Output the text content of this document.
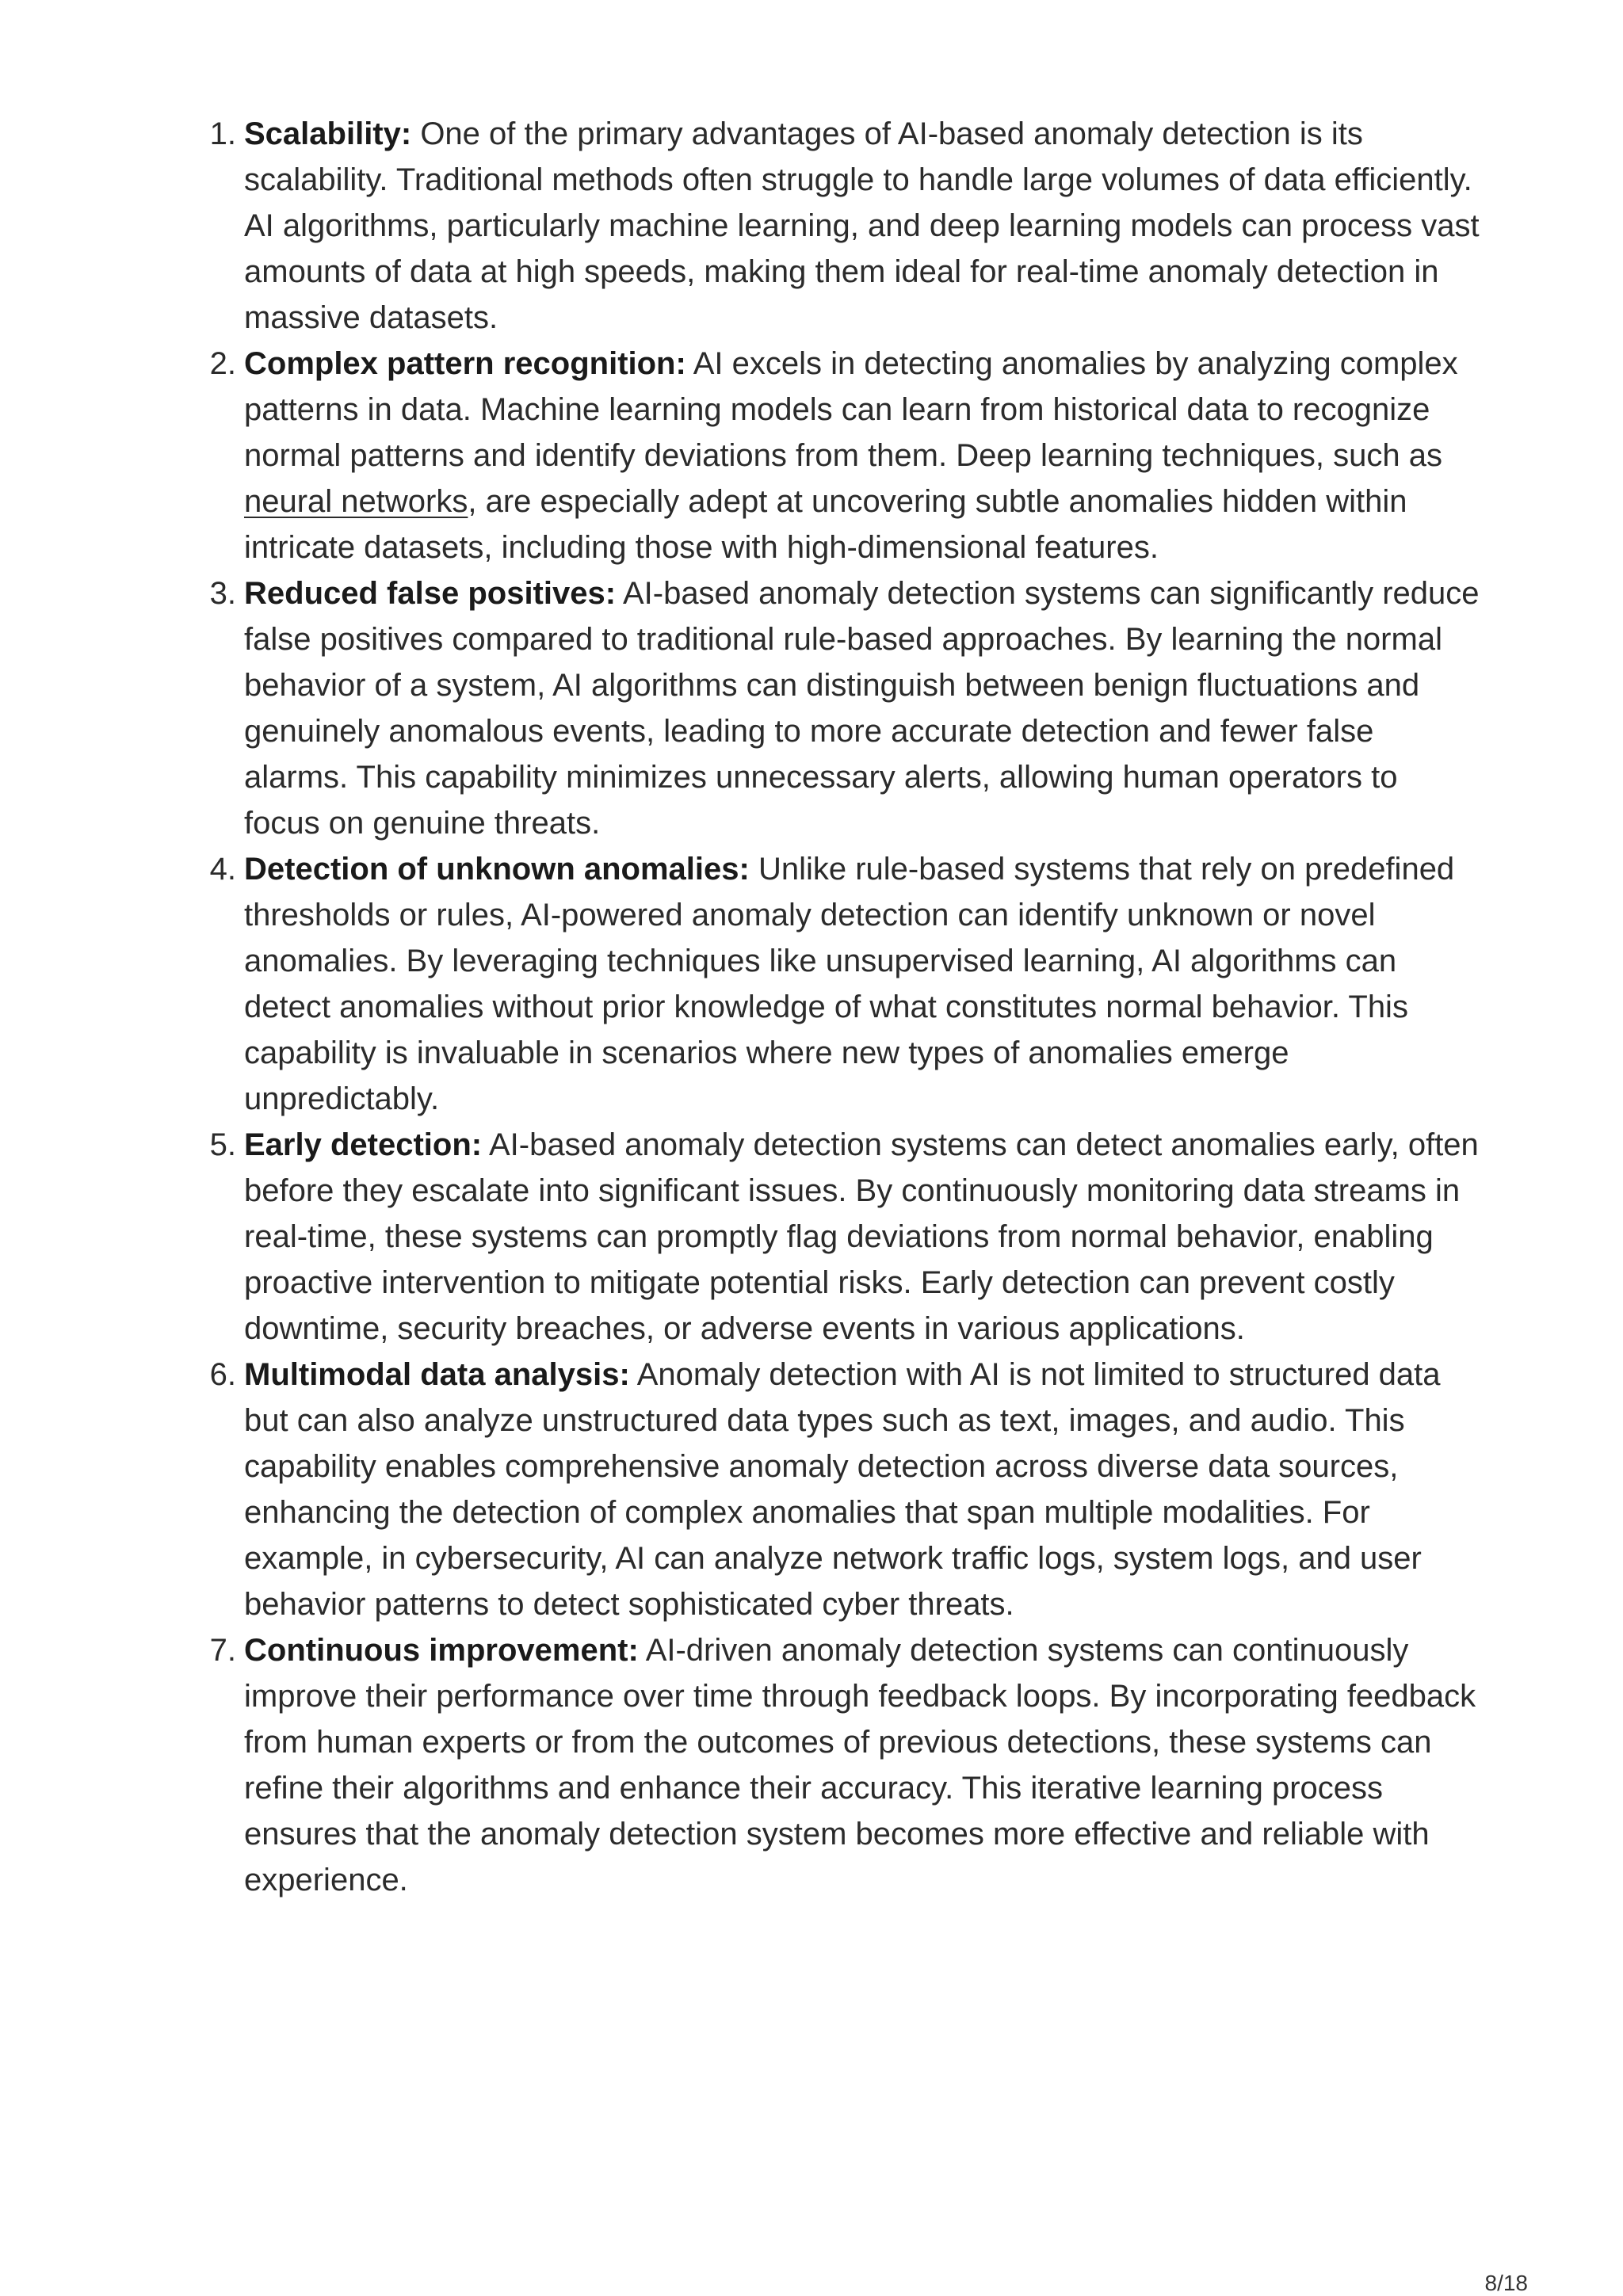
1. Scalability: One of the primary advantages of AI-based anomaly detection is its scalability. Traditional methods often struggle to handle large volumes of data efficiently. AI algorithms, particularly machine learning, and deep learning models can process vast amounts of data at high speeds, making them ideal for real-time anomaly detection in massive datasets.
2. Complex pattern recognition: AI excels in detecting anomalies by analyzing complex patterns in data. Machine learning models can learn from historical data to recognize normal patterns and identify deviations from them. Deep learning techniques, such as neural networks, are especially adept at uncovering subtle anomalies hidden within intricate datasets, including those with high-dimensional features.
3. Reduced false positives: AI-based anomaly detection systems can significantly reduce false positives compared to traditional rule-based approaches. By learning the normal behavior of a system, AI algorithms can distinguish between benign fluctuations and genuinely anomalous events, leading to more accurate detection and fewer false alarms. This capability minimizes unnecessary alerts, allowing human operators to focus on genuine threats.
4. Detection of unknown anomalies: Unlike rule-based systems that rely on predefined thresholds or rules, AI-powered anomaly detection can identify unknown or novel anomalies. By leveraging techniques like unsupervised learning, AI algorithms can detect anomalies without prior knowledge of what constitutes normal behavior. This capability is invaluable in scenarios where new types of anomalies emerge unpredictably.
5. Early detection: AI-based anomaly detection systems can detect anomalies early, often before they escalate into significant issues. By continuously monitoring data streams in real-time, these systems can promptly flag deviations from normal behavior, enabling proactive intervention to mitigate potential risks. Early detection can prevent costly downtime, security breaches, or adverse events in various applications.
6. Multimodal data analysis: Anomaly detection with AI is not limited to structured data but can also analyze unstructured data types such as text, images, and audio. This capability enables comprehensive anomaly detection across diverse data sources, enhancing the detection of complex anomalies that span multiple modalities. For example, in cybersecurity, AI can analyze network traffic logs, system logs, and user behavior patterns to detect sophisticated cyber threats.
7. Continuous improvement: AI-driven anomaly detection systems can continuously improve their performance over time through feedback loops. By incorporating feedback from human experts or from the outcomes of previous detections, these systems can refine their algorithms and enhance their accuracy. This iterative learning process ensures that the anomaly detection system becomes more effective and reliable with experience.
8/18
